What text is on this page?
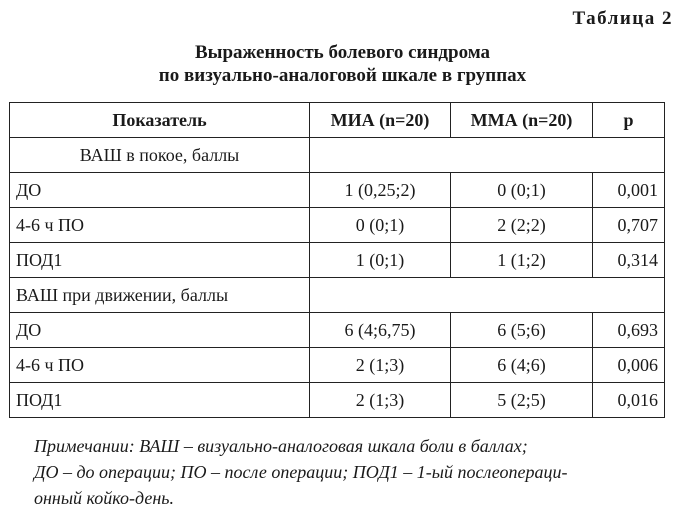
Таблица 2
Выраженность болевого синдрома
по визуально-аналоговой шкале в группах
Показатель	МИА (n=20)	ММА (n=20)	p
ВАШ в покое, баллы			
ДО	1 (0,25;2)	0 (0;1)	0,001
4-6 ч ПО	0 (0;1)	2 (2;2)	0,707
ПОД1	1 (0;1)	1 (1;2)	0,314
ВАШ при движении, баллы			
ДО	6 (4;6,75)	6 (5;6)	0,693
4-6 ч ПО	2 (1;3)	6 (4;6)	0,006
ПОД1	2 (1;3)	5 (2;5)	0,016
Примечании: ВАШ – визуально-аналоговая шкала боли в баллах;
ДО – до операции; ПО – после операции; ПОД1 – 1-ый послеопераци-
онный койко-день.
